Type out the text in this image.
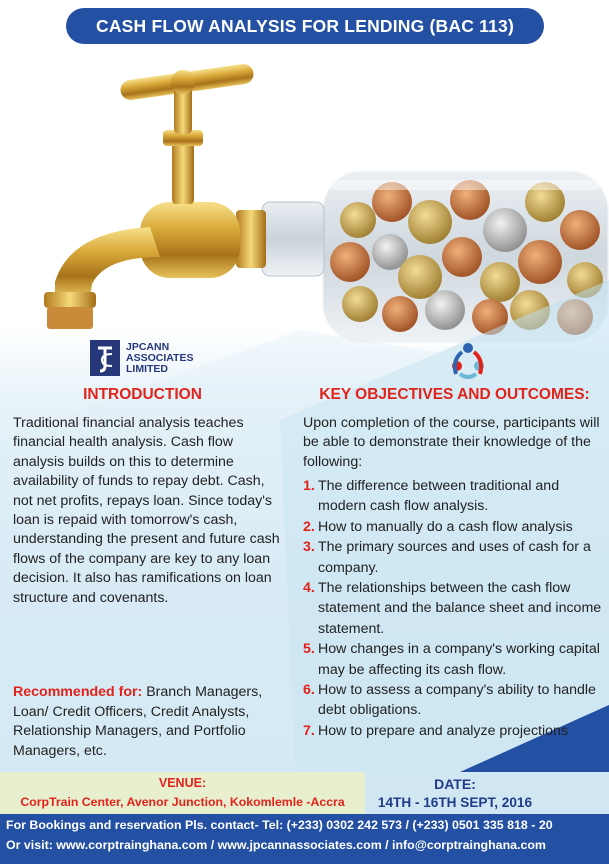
CASH FLOW ANALYSIS FOR LENDING (BAC 113)
JPCANN
ASSOCIATES
LIMITED
INTRODUCTION	KEY OBJECTIVES AND OUTCOMES:
Traditional financial analysis teaches financial health analysis. Cash flow analysis builds on this to determine availability of funds to repay debt. Cash, not net profits, repays loan. Since today's loan is repaid with tomorrow's cash, understanding the present and future cash flows of the company are key to any loan decision. It also has ramifications on loan structure and covenants.
Recommended for: Branch Managers, Loan/ Credit Officers, Credit Analysts, Relationship Managers, and Portfolio Managers, etc.
Upon completion of the course, participants will be able to demonstrate their knowledge of the following:
1. The difference between traditional and modern cash flow analysis.
2. How to manually do a cash flow analysis
3. The primary sources and uses of cash for a company.
4. The relationships between the cash flow statement and the balance sheet and income statement.
5. How changes in a company's working capital may be affecting its cash flow.
6. How to assess a company's ability to handle debt obligations.
7. How to prepare and analyze projections
VENUE:
CorpTrain Center, Avenor Junction, Kokomlemle -Accra
DATE:
14TH - 16TH SEPT, 2016
For Bookings and reservation Pls. contact- Tel: (+233) 0302 242 573 / (+233) 0501 335 818 - 20
Or visit: www.corptrainghana.com / www.jpcannassociates.com / info@corptrainghana.com
